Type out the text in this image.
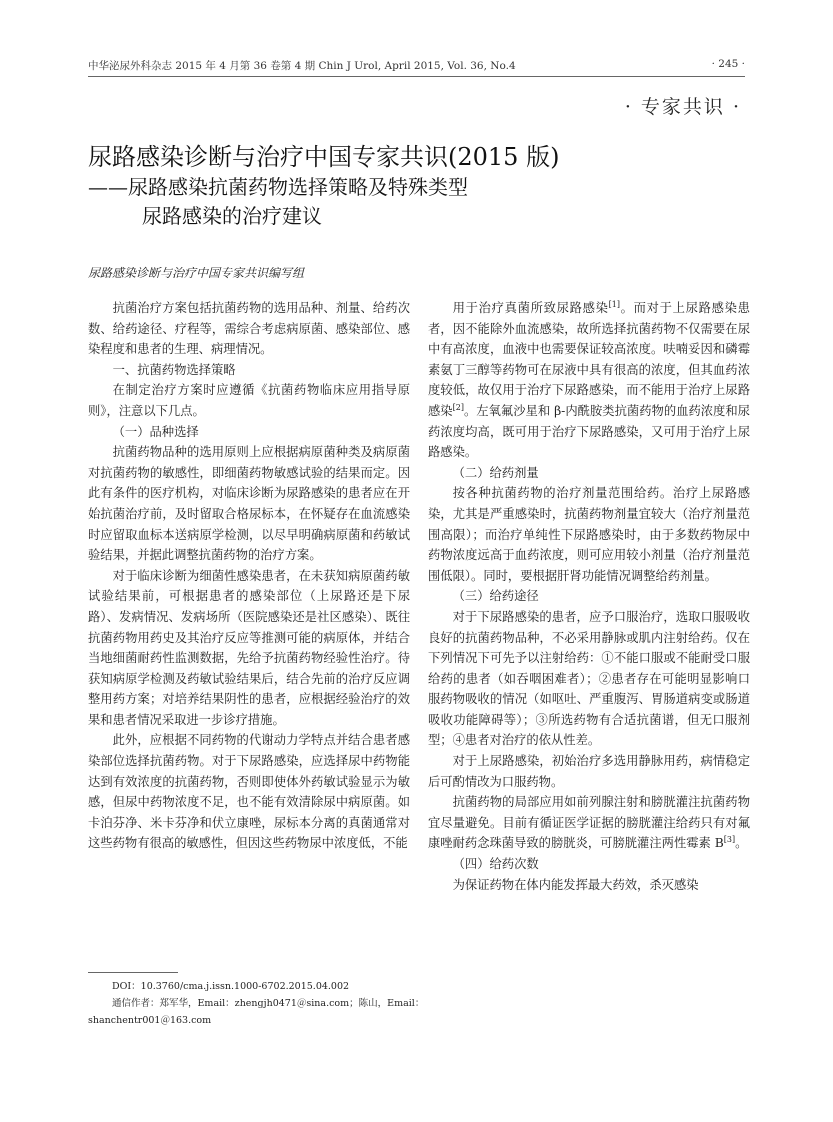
中华泌尿外科杂志 2015 年 4 月第 36 卷第 4 期 Chin J Urol, April 2015, Vol. 36, No.4	· 245 ·
· 专家共识 ·
尿路感染诊断与治疗中国专家共识(2015 版)
——尿路感染抗菌药物选择策略及特殊类型
尿路感染的治疗建议
尿路感染诊断与治疗中国专家共识编写组

抗菌治疗方案包括抗菌药物的选用品种、剂量、给药次数、给药途径、疗程等，需综合考虑病原菌、感染部位、感染程度和患者的生理、病理情况。

一、抗菌药物选择策略

在制定治疗方案时应遵循《抗菌药物临床应用指导原则》，注意以下几点。

（一）品种选择

抗菌药物品种的选用原则上应根据病原菌种类及病原菌对抗菌药物的敏感性，即细菌药物敏感试验的结果而定。因此有条件的医疗机构，对临床诊断为尿路感染的患者应在开始抗菌治疗前，及时留取合格尿标本，在怀疑存在血流感染时应留取血标本送病原学检测，以尽早明确病原菌和药敏试验结果，并据此调整抗菌药物的治疗方案。

对于临床诊断为细菌性感染患者，在未获知病原菌药敏试验结果前，可根据患者的感染部位（上尿路还是下尿路）、发病情况、发病场所（医院感染还是社区感染）、既往抗菌药物用药史及其治疗反应等推测可能的病原体，并结合当地细菌耐药性监测数据，先给予抗菌药物经验性治疗。待获知病原学检测及药敏试验结果后，结合先前的治疗反应调整用药方案；对培养结果阴性的患者，应根据经验治疗的效果和患者情况采取进一步诊疗措施。

此外，应根据不同药物的代谢动力学特点并结合患者感染部位选择抗菌药物。对于下尿路感染，应选择尿中药物能达到有效浓度的抗菌药物，否则即使体外药敏试验显示为敏感，但尿中药物浓度不足，也不能有效清除尿中病原菌。如卡泊芬净、米卡芬净和伏立康唑，尿标本分离的真菌通常对这些药物有很高的敏感性，但因这些药物尿中浓度低，不能

用于治疗真菌所致尿路感染[1]。而对于上尿路感染患者，因不能除外血流感染，故所选择抗菌药物不仅需要在尿中有高浓度，血液中也需要保证较高浓度。呋喃妥因和磷霉素氨丁三醇等药物可在尿液中具有很高的浓度，但其血药浓度较低，故仅用于治疗下尿路感染，而不能用于治疗上尿路感染[2]。左氧氟沙星和 β-内酰胺类抗菌药物的血药浓度和尿药浓度均高，既可用于治疗下尿路感染，又可用于治疗上尿路感染。

（二）给药剂量

按各种抗菌药物的治疗剂量范围给药。治疗上尿路感染，尤其是严重感染时，抗菌药物剂量宜较大（治疗剂量范围高限）；而治疗单纯性下尿路感染时，由于多数药物尿中药物浓度远高于血药浓度，则可应用较小剂量（治疗剂量范围低限）。同时，要根据肝肾功能情况调整给药剂量。

（三）给药途径

对于下尿路感染的患者，应予口服治疗，选取口服吸收良好的抗菌药物品种，不必采用静脉或肌内注射给药。仅在下列情况下可先予以注射给药：①不能口服或不能耐受口服给药的患者（如吞咽困难者）；②患者存在可能明显影响口服药物吸收的情况（如呕吐、严重腹泻、胃肠道病变或肠道吸收功能障碍等）；③所选药物有合适抗菌谱，但无口服剂型；④患者对治疗的依从性差。

对于上尿路感染，初始治疗多选用静脉用药，病情稳定后可酌情改为口服药物。

抗菌药物的局部应用如前列腺注射和膀胱灌注抗菌药物宜尽量避免。目前有循证医学证据的膀胱灌注给药只有对氟康唑耐药念珠菌导致的膀胱炎，可膀胱灌注两性霉素 B[3]。

（四）给药次数

为保证药物在体内能发挥最大药效，杀灭感染

DOI：10.3760/cma.j.issn.1000-6702.2015.04.002
通信作者：郑军华，Email：zhengjh0471＠sina.com；陈山，Email：
shanchentr001＠163.com
